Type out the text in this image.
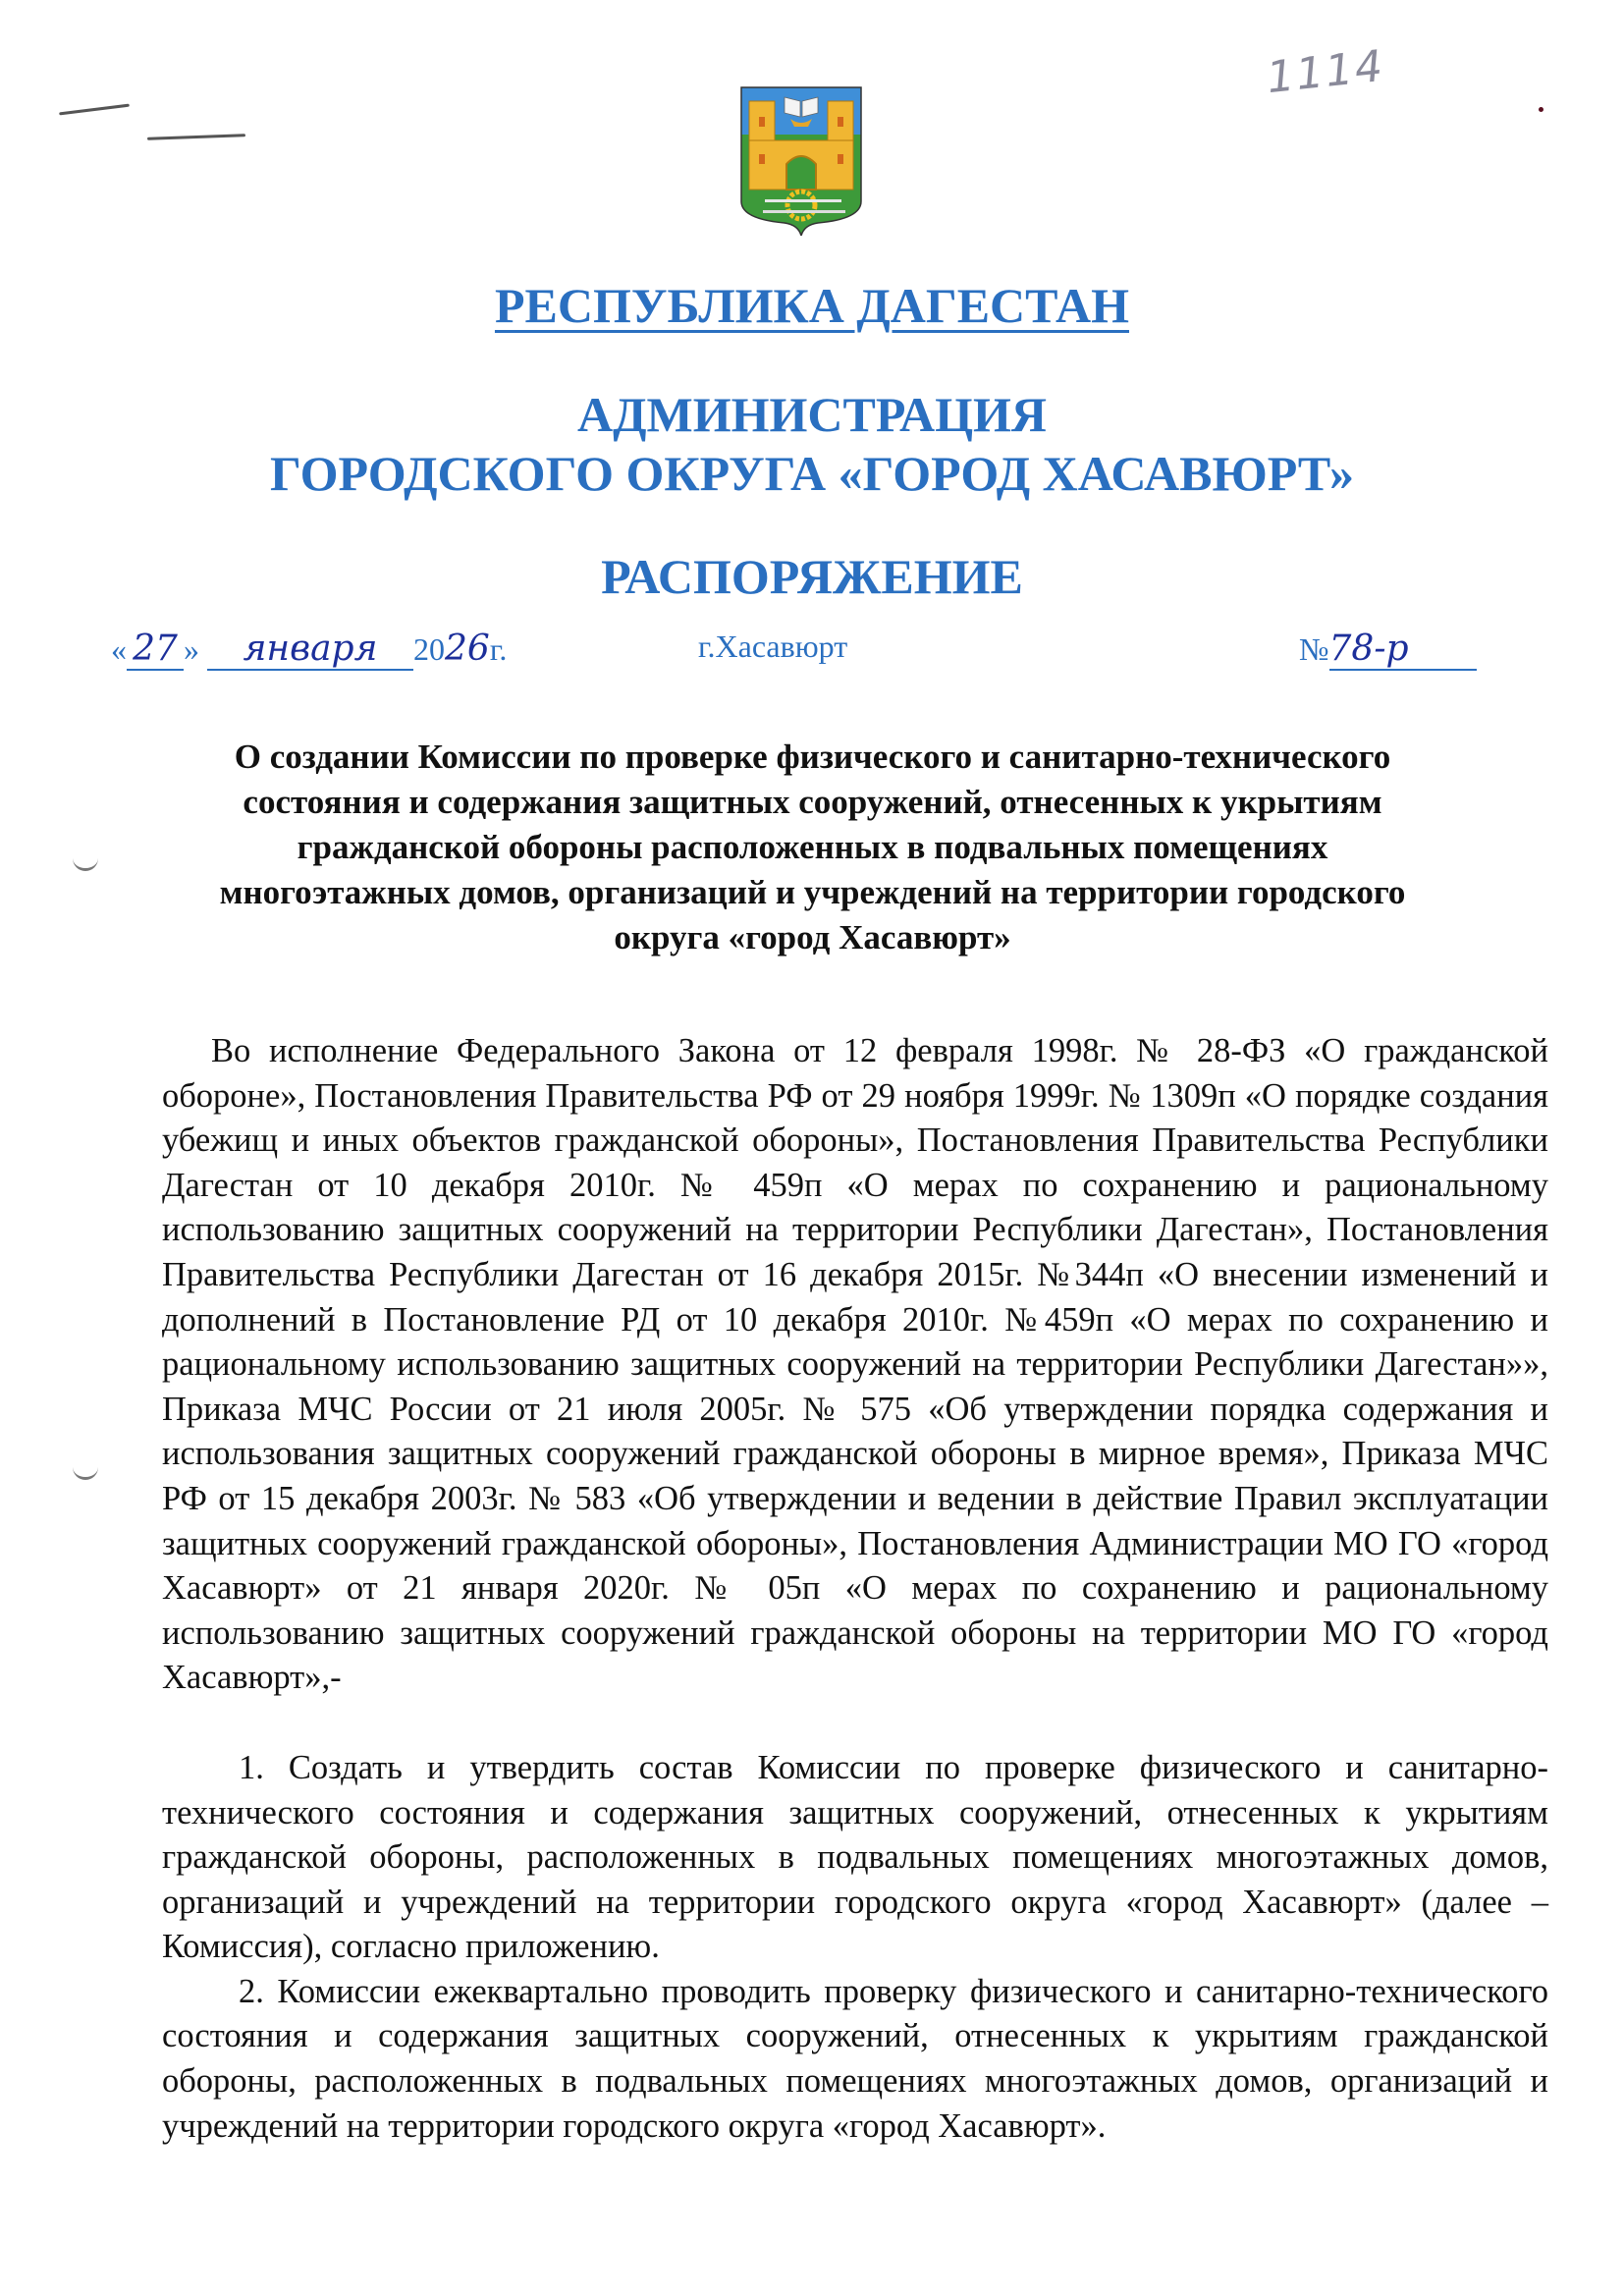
1114
РЕСПУБЛИКА ДАГЕСТАН
АДМИНИСТРАЦИЯ
ГОРОДСКОГО ОКРУГА «ГОРОД ХАСАВЮРТ»
РАСПОРЯЖЕНИЕ
« 27 » января 2026г.	г.Хасавюрт	№78-р
О создании Комиссии по проверке физического и санитарно-технического состояния и содержания защитных сооружений, отнесенных к укрытиям гражданской обороны расположенных в подвальных помещениях многоэтажных домов, организаций и учреждений на территории городского округа «город Хасавюрт»

Во исполнение Федерального Закона от 12 февраля 1998г. № 28-ФЗ «О гражданской обороне», Постановления Правительства РФ от 29 ноября 1999г. № 1309п «О порядке создания убежищ и иных объектов гражданской обороны», Постановления Правительства Республики Дагестан от 10 декабря 2010г. № 459п «О мерах по сохранению и рациональному использованию защитных сооружений на территории Республики Дагестан», Постановления Правительства Республики Дагестан от 16 декабря 2015г. №344п «О внесении изменений и дополнений в Постановление РД от 10 декабря 2010г. №459п «О мерах по сохранению и рациональному использованию защитных сооружений на территории Республики Дагестан»», Приказа МЧС России от 21 июля 2005г. № 575 «Об утверждении порядка содержания и использования защитных сооружений гражданской обороны в мирное время», Приказа МЧС РФ от 15 декабря 2003г. № 583 «Об утверждении и ведении в действие Правил эксплуатации защитных сооружений гражданской обороны», Постановления Администрации МО ГО «город Хасавюрт» от 21 января 2020г. № 05п «О мерах по сохранению и рациональному использованию защитных сооружений гражданской обороны на территории МО ГО «город Хасавюрт»,-

1. Создать и утвердить состав Комиссии по проверке физического и санитарно-технического состояния и содержания защитных сооружений, отнесенных к укрытиям гражданской обороны, расположенных в подвальных помещениях многоэтажных домов, организаций и учреждений на территории городского округа «город Хасавюрт» (далее – Комиссия), согласно приложению.

2. Комиссии ежеквартально проводить проверку физического и санитарно-технического состояния и содержания защитных сооружений, отнесенных к укрытиям гражданской обороны, расположенных в подвальных помещениях многоэтажных домов, организаций и учреждений на территории городского округа «город Хасавюрт».
